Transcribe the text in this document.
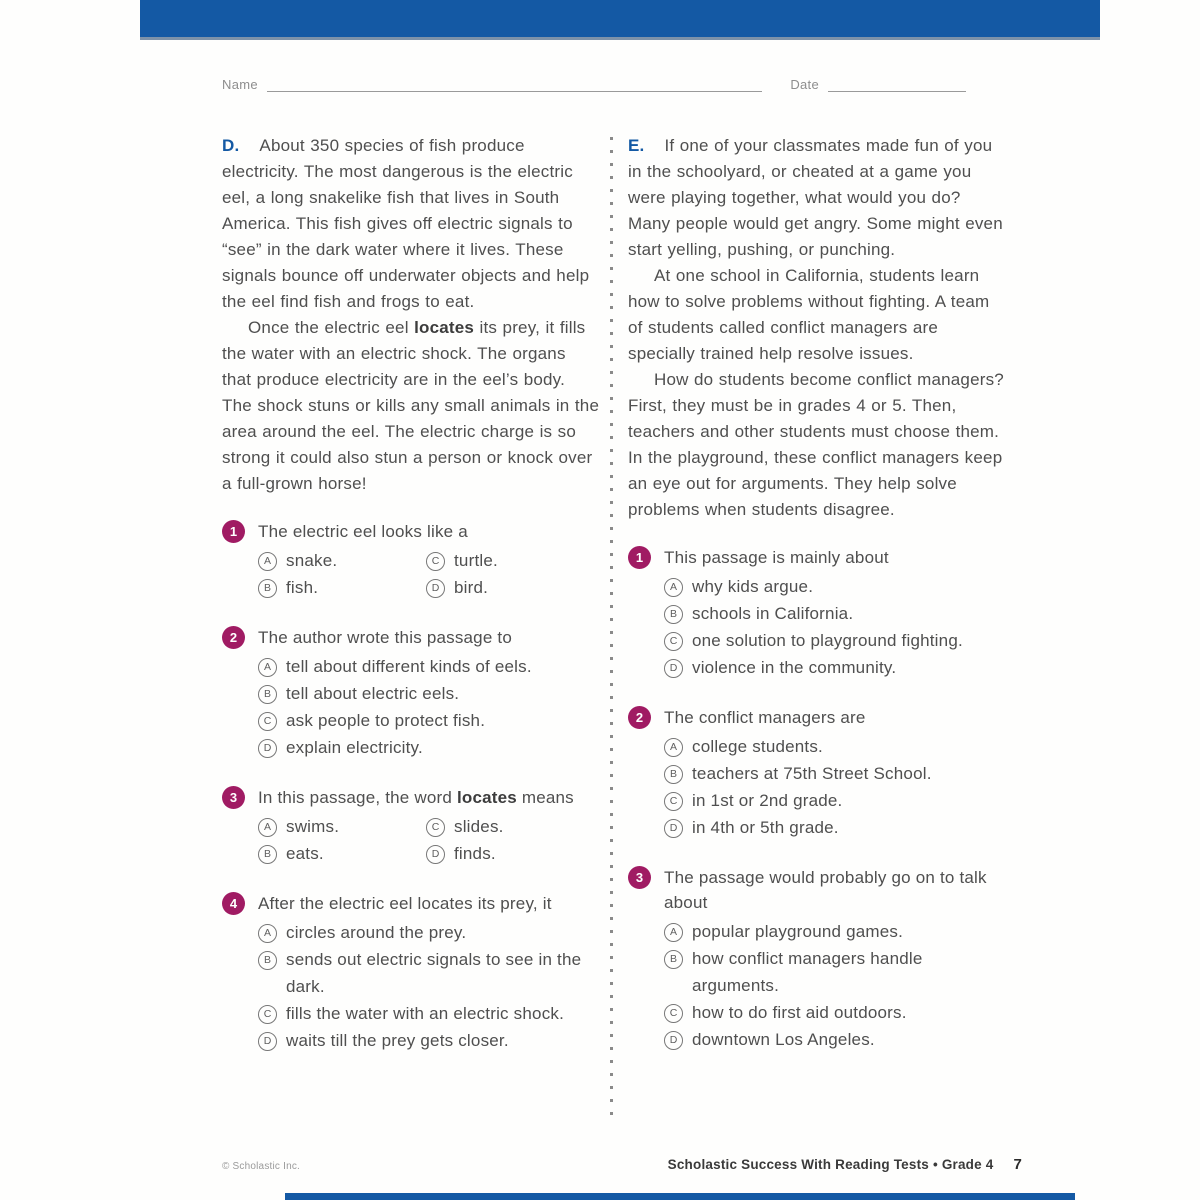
Name	Date
D. About 350 species of fish produce electricity. The most dangerous is the electric eel, a long snakelike fish that lives in South America. This fish gives off electric signals to “see” in the dark water where it lives. These signals bounce off underwater objects and help the eel find fish and frogs to eat.
Once the electric eel locates its prey, it fills the water with an electric shock. The organs that produce electricity are in the eel’s body. The shock stuns or kills any small animals in the area around the eel. The electric charge is so strong it could also stun a person or knock over a full-grown horse!
1	The electric eel looks like a
A snake.	C turtle.
B fish.	D bird.
2	The author wrote this passage to
A tell about different kinds of eels.
B tell about electric eels.
C ask people to protect fish.
D explain electricity.
3	In this passage, the word locates means
A swims.	C slides.
B eats.	D finds.
4	After the electric eel locates its prey, it
A circles around the prey.
B sends out electric signals to see in the dark.
C fills the water with an electric shock.
D waits till the prey gets closer.
E. If one of your classmates made fun of you in the schoolyard, or cheated at a game you were playing together, what would you do? Many people would get angry. Some might even start yelling, pushing, or punching.
At one school in California, students learn how to solve problems without fighting. A team of students called conflict managers are specially trained help resolve issues.
How do students become conflict managers? First, they must be in grades 4 or 5. Then, teachers and other students must choose them. In the playground, these conflict managers keep an eye out for arguments. They help solve problems when students disagree.
1	This passage is mainly about
A why kids argue.
B schools in California.
C one solution to playground fighting.
D violence in the community.
2	The conflict managers are
A college students.
B teachers at 75th Street School.
C in 1st or 2nd grade.
D in 4th or 5th grade.
3	The passage would probably go on to talk about
A popular playground games.
B how conflict managers handle arguments.
C how to do first aid outdoors.
D downtown Los Angeles.
© Scholastic Inc.	Scholastic Success With Reading Tests • Grade 4 7
